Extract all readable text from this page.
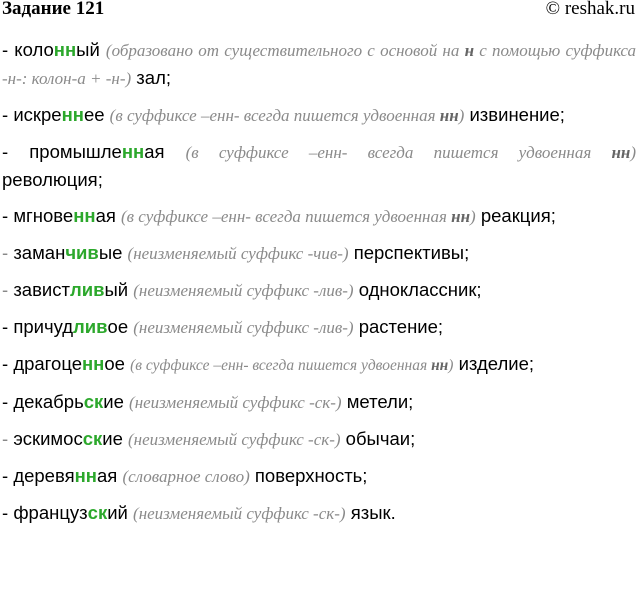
Задание 121	© reshak.ru
- колонный (образовано от существительного с основой на н с помощью суффикса -н-: колон-а + -н-) зал;
- искреннее (в суффиксе –енн- всегда пишется удвоенная нн) извинение;
- промышленная (в суффиксе –енн- всегда пишется удвоенная нн) революция;
- мгновенная (в суффиксе –енн- всегда пишется удвоенная нн) реакция;
- заманчивые (неизменяемый суффикс -чив-) перспективы;
- завистливый (неизменяемый суффикс -лив-) одноклассник;
- причудливое (неизменяемый суффикс -лив-) растение;
- драгоценное (в суффиксе –енн- всегда пишется удвоенная нн) изделие;
- декабрьские (неизменяемый суффикс -ск-) метели;
- эскимосские (неизменяемый суффикс -ск-) обычаи;
- деревянная (словарное слово) поверхность;
- французский (неизменяемый суффикс -ск-) язык.
